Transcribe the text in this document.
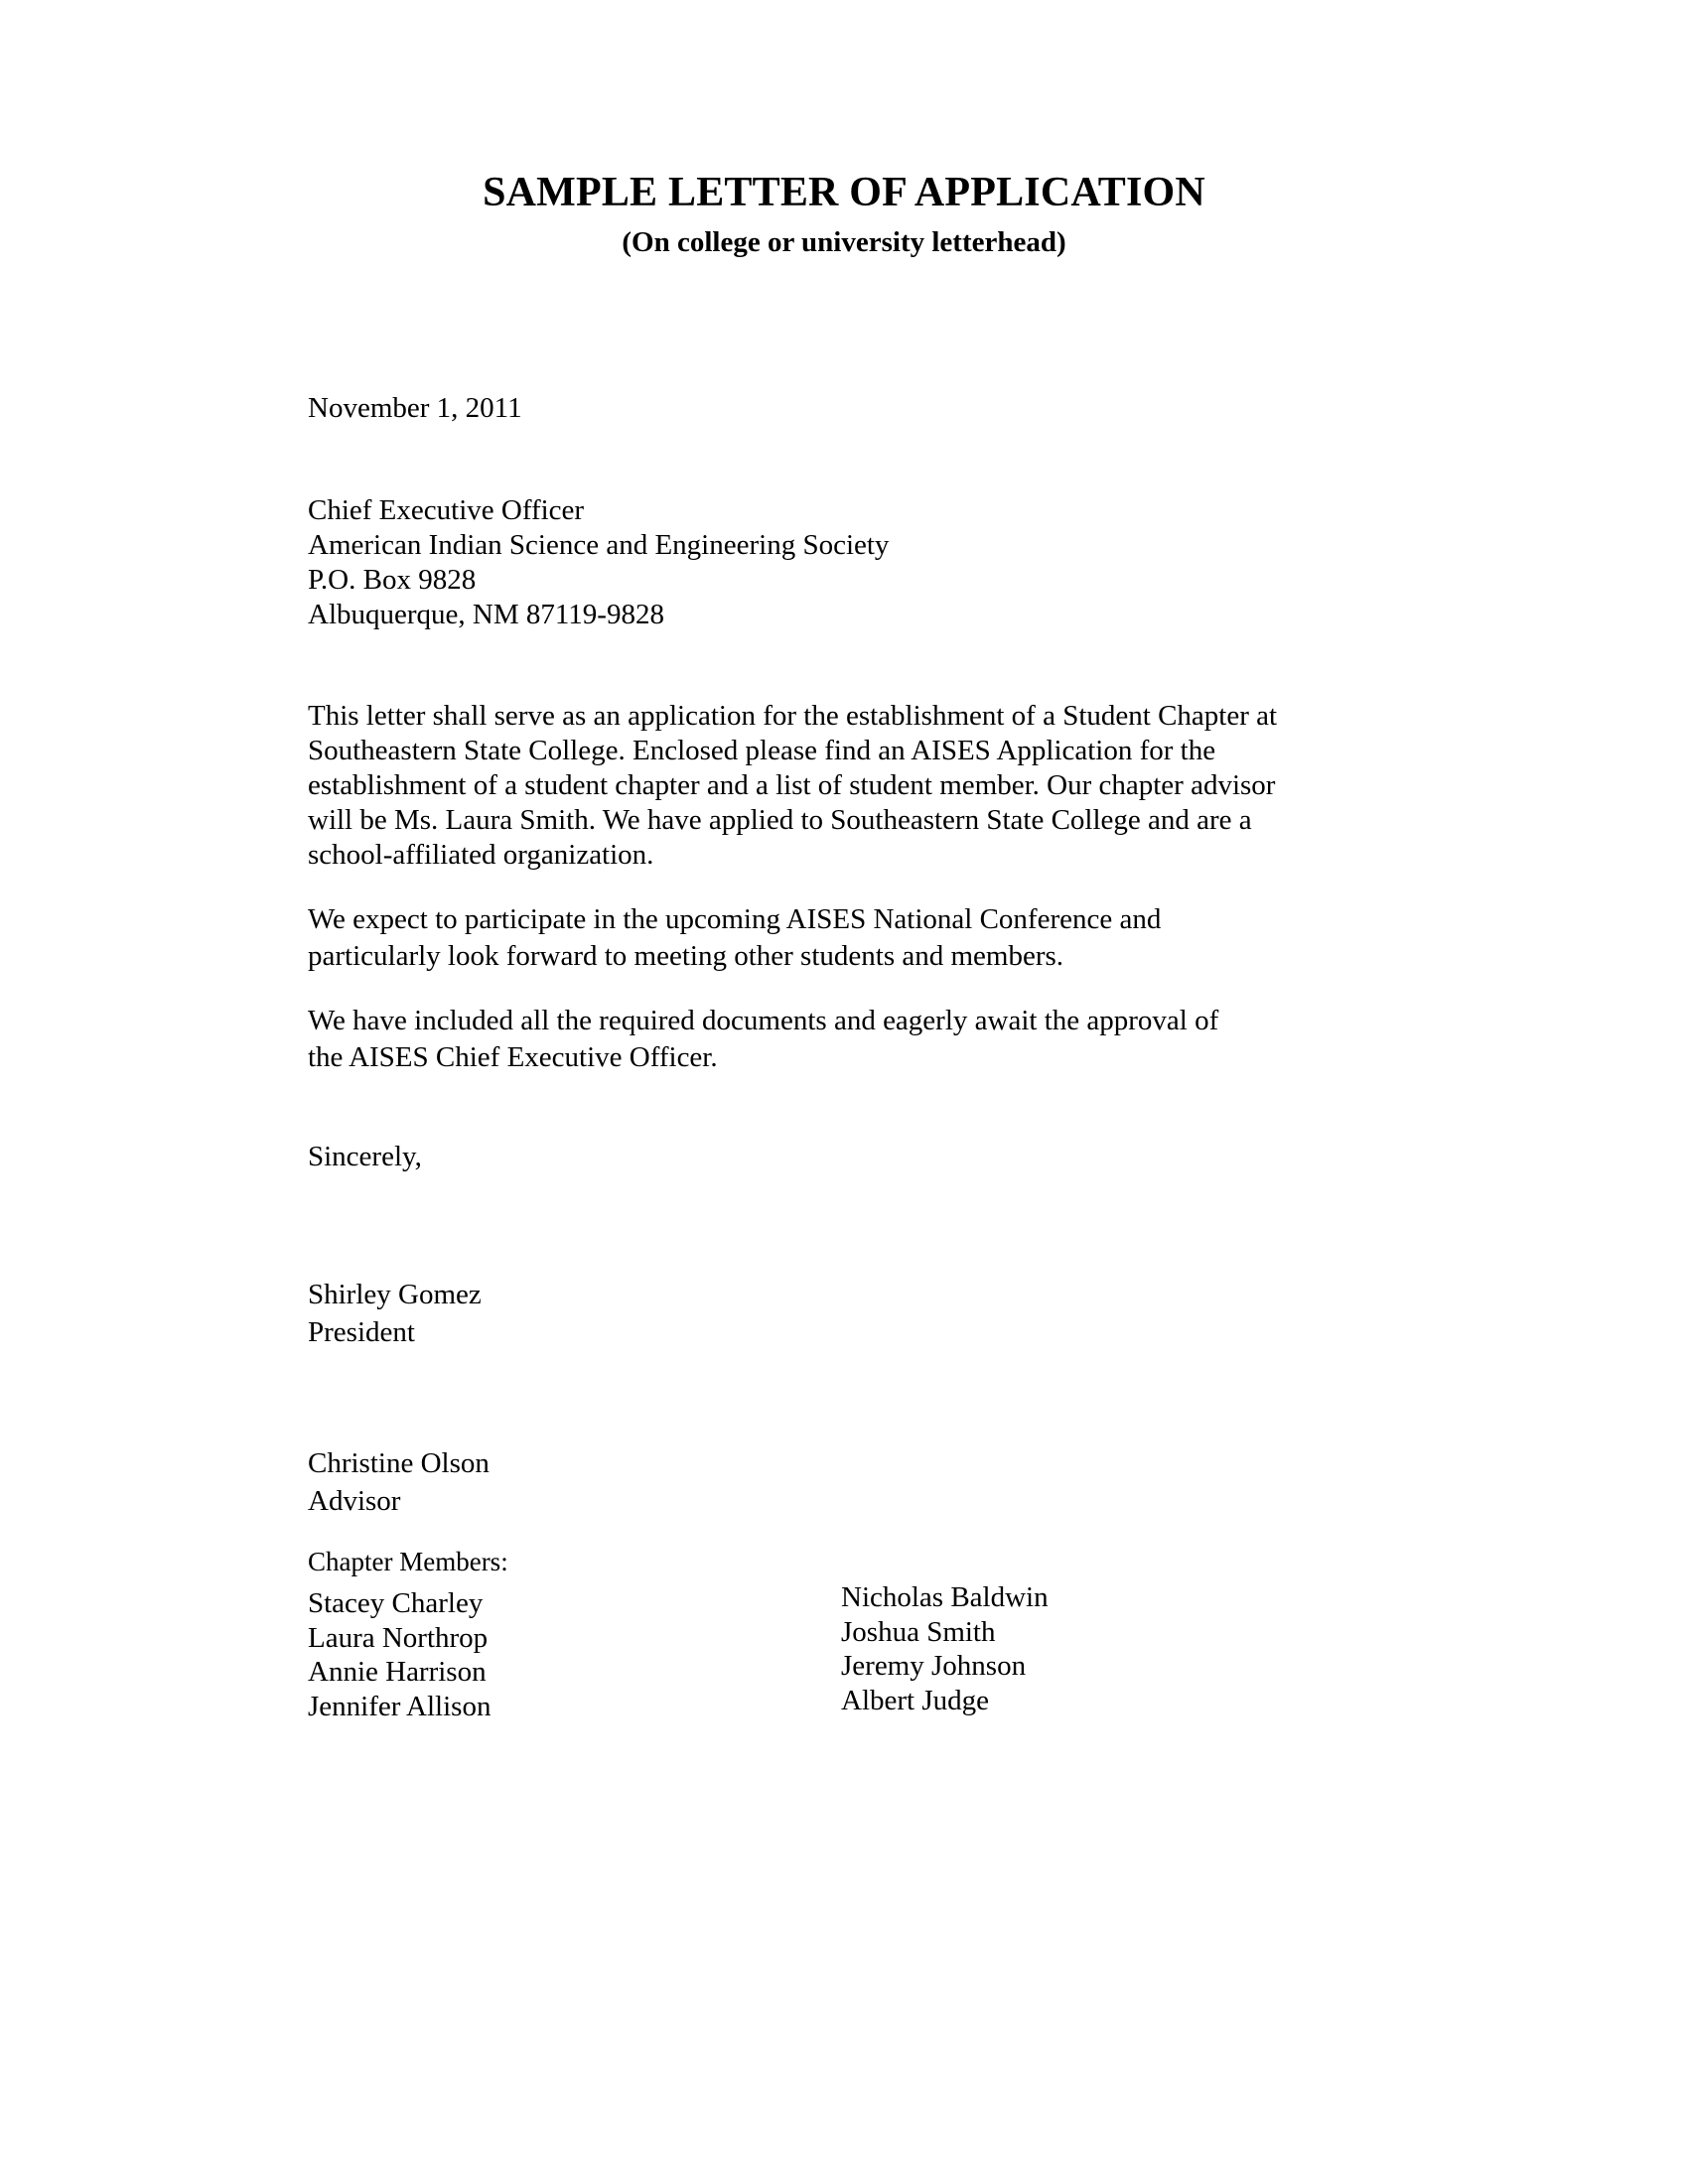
SAMPLE LETTER OF APPLICATION
(On college or university letterhead)
November 1, 2011
Chief Executive Officer
American Indian Science and Engineering Society
P.O. Box 9828
Albuquerque, NM 87119-9828
This letter shall serve as an application for the establishment of a Student Chapter at
Southeastern State College. Enclosed please find an AISES Application for the
establishment of a student chapter and a list of student member. Our chapter advisor
will be Ms. Laura Smith. We have applied to Southeastern State College and are a
school-affiliated organization.
We expect to participate in the upcoming AISES National Conference and
particularly look forward to meeting other students and members.
We have included all the required documents and eagerly await the approval of
the AISES Chief Executive Officer.
Sincerely,
Shirley Gomez
President
Christine Olson
Advisor
Chapter Members:
Stacey Charley
Laura Northrop
Annie Harrison
Jennifer Allison
Nicholas Baldwin
Joshua Smith
Jeremy Johnson
Albert Judge
